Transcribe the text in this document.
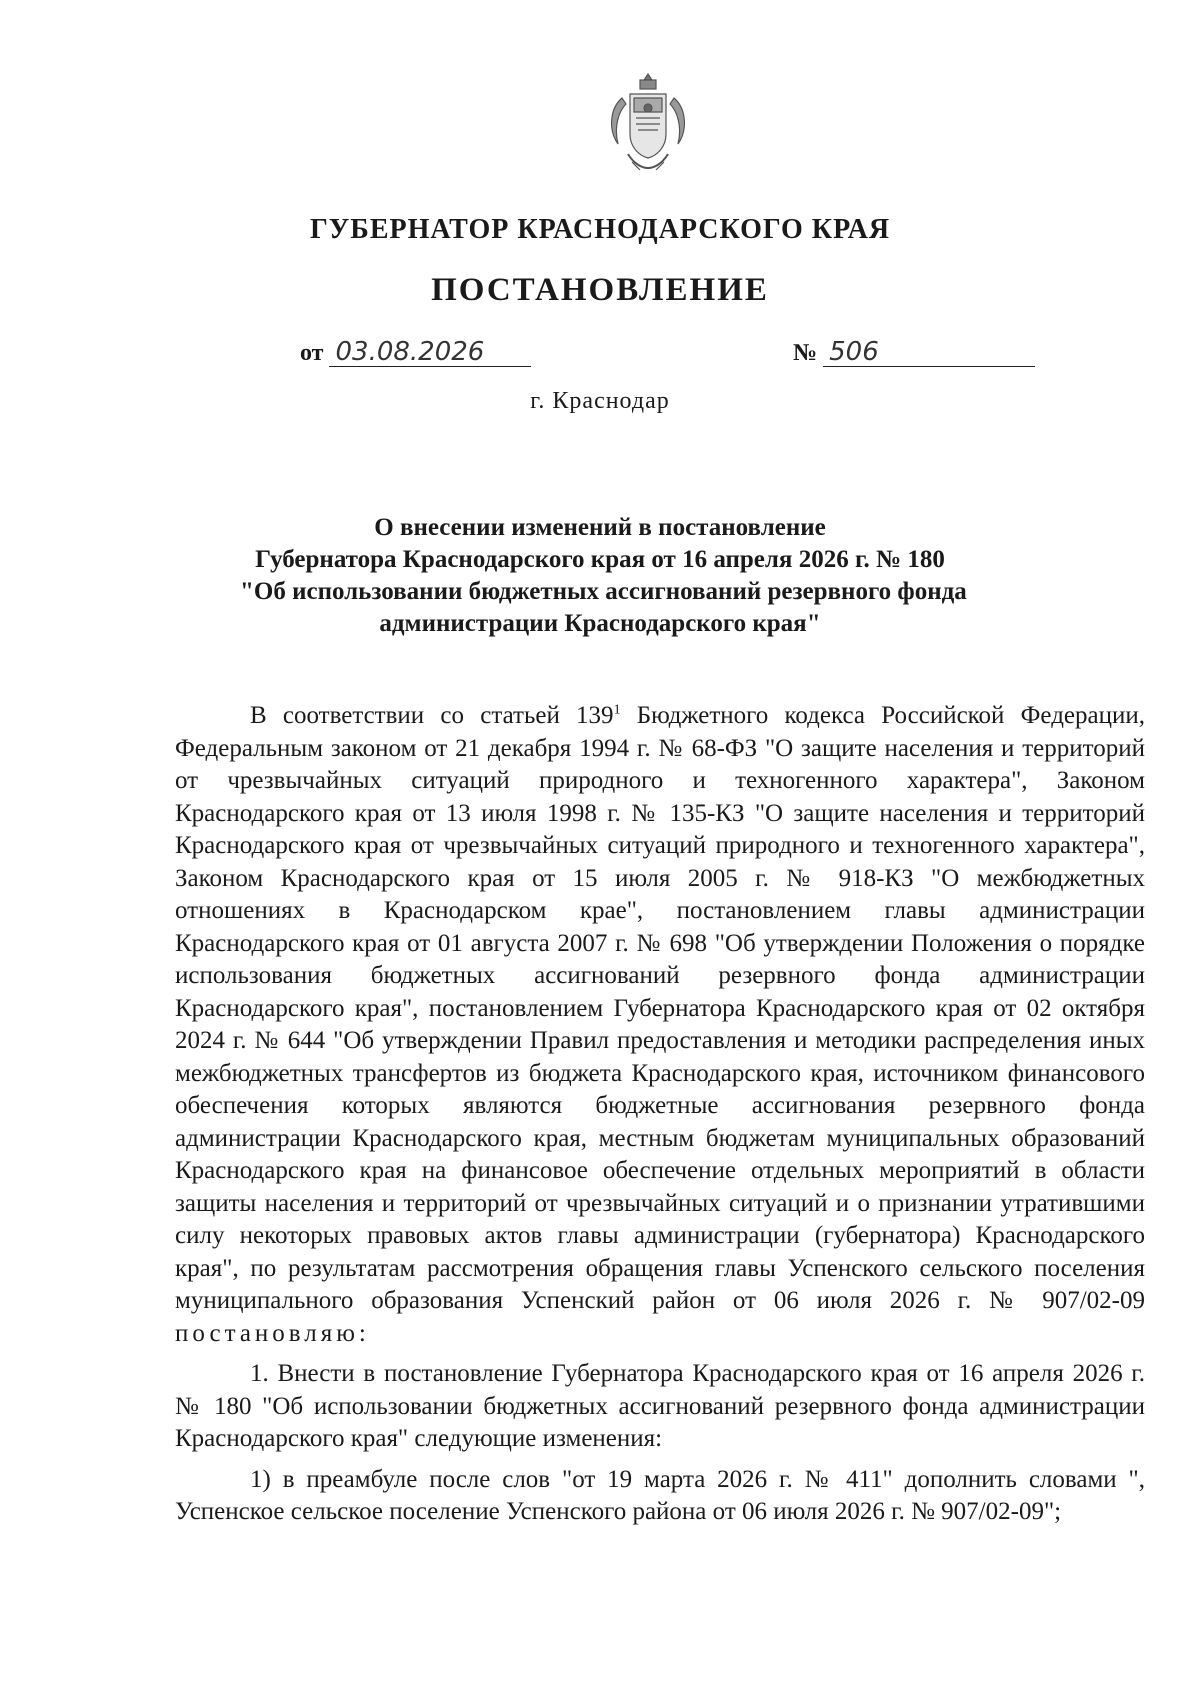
ГУБЕРНАТОР КРАСНОДАРСКОГО КРАЯ
ПОСТАНОВЛЕНИЕ
от 03.08.2026	№ 506
г. Краснодар
О внесении изменений в постановление
Губернатора Краснодарского края от 16 апреля 2026 г. № 180
"Об использовании бюджетных ассигнований резервного фонда
администрации Краснодарского края"

В соответствии со статьей $139^1$ Бюджетного кодекса Российской Федерации, Федеральным законом от 21 декабря 1994 г. № 68-ФЗ "О защите населения и территорий от чрезвычайных ситуаций природного и техногенного характера", Законом Краснодарского края от 13 июля 1998 г. № 135-КЗ "О защите населения и территорий Краснодарского края от чрезвычайных ситуаций природного и техногенного характера", Законом Краснодарского края от 15 июля 2005 г. № 918-КЗ "О межбюджетных отношениях в Краснодарском крае", постановлением главы администрации Краснодарского края от 01 августа 2007 г. № 698 "Об утверждении Положения о порядке использования бюджетных ассигнований резервного фонда администрации Краснодарского края", постановлением Губернатора Краснодарского края от 02 октября 2024 г. № 644 "Об утверждении Правил предоставления и методики распределения иных межбюджетных трансфертов из бюджета Краснодарского края, источником финансового обеспечения которых являются бюджетные ассигнования резервного фонда администрации Краснодарского края, местным бюджетам муниципальных образований Краснодарского края на финансовое обеспечение отдельных мероприятий в области защиты населения и территорий от чрезвычайных ситуаций и о признании утратившими силу некоторых правовых актов главы администрации (губернатора) Краснодарского края", по результатам рассмотрения обращения главы Успенского сельского поселения муниципального образования Успенский район от 06 июля 2026 г. № 907/02-09 постановляю:

1. Внести в постановление Губернатора Краснодарского края от 16 апреля 2026 г. № 180 "Об использовании бюджетных ассигнований резервного фонда администрации Краснодарского края" следующие изменения:

1) в преамбуле после слов "от 19 марта 2026 г. № 411" дополнить словами ", Успенское сельское поселение Успенского района от 06 июля 2026 г. № 907/02-09";
